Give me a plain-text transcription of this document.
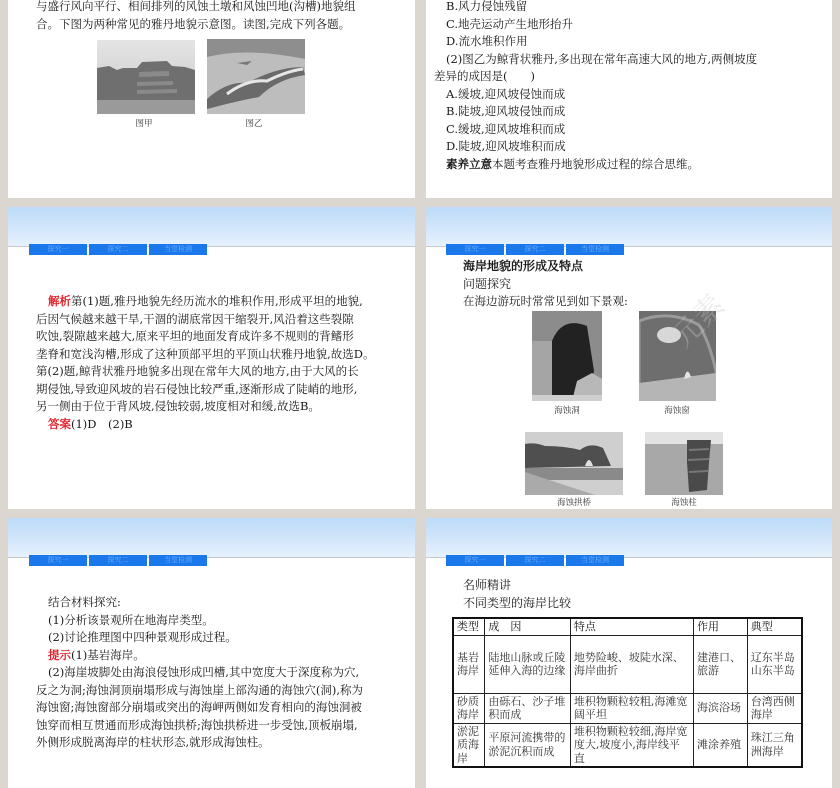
与盛行风向平行、相间排列的风蚀土墩和风蚀凹地(沟槽)地貌组
合。下图为两种常见的雅丹地貌示意图。读图,完成下列各题。
图甲	图乙
B.风力侵蚀残留
C.地壳运动产生地形抬升
D.流水堆积作用
(2)图乙为鲸背状雅丹,多出现在常年高速大风的地方,两侧坡度
差异的成因是(　　)
A.缓坡,迎风坡侵蚀而成
B.陡坡,迎风坡侵蚀而成
C.缓坡,迎风坡堆积而成
D.陡坡,迎风坡堆积而成
素养立意本题考查雅丹地貌形成过程的综合思维。
探究一	探究二	当堂检测
解析第(1)题,雅丹地貌先经历流水的堆积作用,形成平坦的地貌,
后因气候越来越干旱,干涸的湖底常因干缩裂开,风沿着这些裂隙
吹蚀,裂隙越来越大,原来平坦的地面发育成许多不规则的背鳍形
垄脊和宽浅沟槽,形成了这种顶部平坦的平顶山状雅丹地貌,故选D。
第(2)题,鲸背状雅丹地貌多出现在常年大风的地方,由于大风的长
期侵蚀,导致迎风坡的岩石侵蚀比较严重,逐渐形成了陡峭的地形,
另一侧由于位于背风坡,侵蚀较弱,坡度相对和缓,故选B。
答案(1)D　(2)B
探究一	探究二	当堂检测
海岸地貌的形成及特点
问题探究
在海边游玩时常常见到如下景观:
海蚀洞	海蚀窗
海蚀拱桥	海蚀柱
元素
探究一	探究二	当堂检测
结合材料探究:
(1)分析该景观所在地海岸类型。
(2)讨论推理图中四种景观形成过程。
提示(1)基岩海岸。
(2)海崖坡脚处由海浪侵蚀形成凹槽,其中宽度大于深度称为穴,
反之为洞;海蚀洞顶崩塌形成与海蚀崖上部沟通的海蚀穴(洞),称为
海蚀窗;海蚀窗部分崩塌或突出的海岬两侧如发育相向的海蚀洞被
蚀穿而相互贯通而形成海蚀拱桥;海蚀拱桥进一步受蚀,顶板崩塌,
外侧形成脱离海岸的柱状形态,就形成海蚀柱。
探究一	探究二	当堂检测
名师精讲
不同类型的海岸比较
类型	成　因	特点	作用	典型
基岩海岸	陆地山脉或丘陵延伸入海的边缘	地势险峻、坡陡水深、海岸曲折	建港口、旅游	辽东半岛 山东半岛
砂质海岸	由砾石、沙子堆积而成	堆积物颗粒较粗,海滩宽阔平坦	海滨浴场	台湾西侧海岸
淤泥质海岸	平原河流携带的淤泥沉积而成	堆积物颗粒较细,海岸宽度大,坡度小,海岸线平直	滩涂养殖	珠江三角洲海岸
